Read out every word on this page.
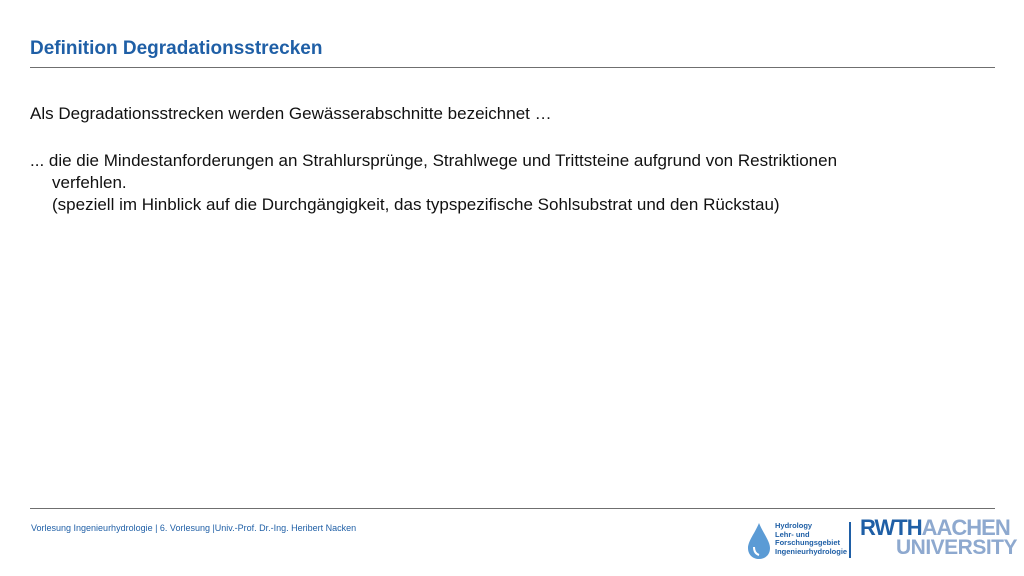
Definition Degradationsstrecken
Als Degradationsstrecken werden Gewässerabschnitte bezeichnet …
... die die Mindestanforderungen an Strahlursprünge, Strahlwege und Trittsteine aufgrund von Restriktionen
verfehlen.
(speziell im Hinblick auf die Durchgängigkeit, das typspezifische Sohlsubstrat und den Rückstau)
Vorlesung Ingenieurhydrologie | 6. Vorlesung |Univ.-Prof. Dr.-Ing. Heribert Nacken	Hydrology
Lehr- und
Forschungsgebiet
Ingenieurhydrologie
RWTHAACHEN
UNIVERSITY
